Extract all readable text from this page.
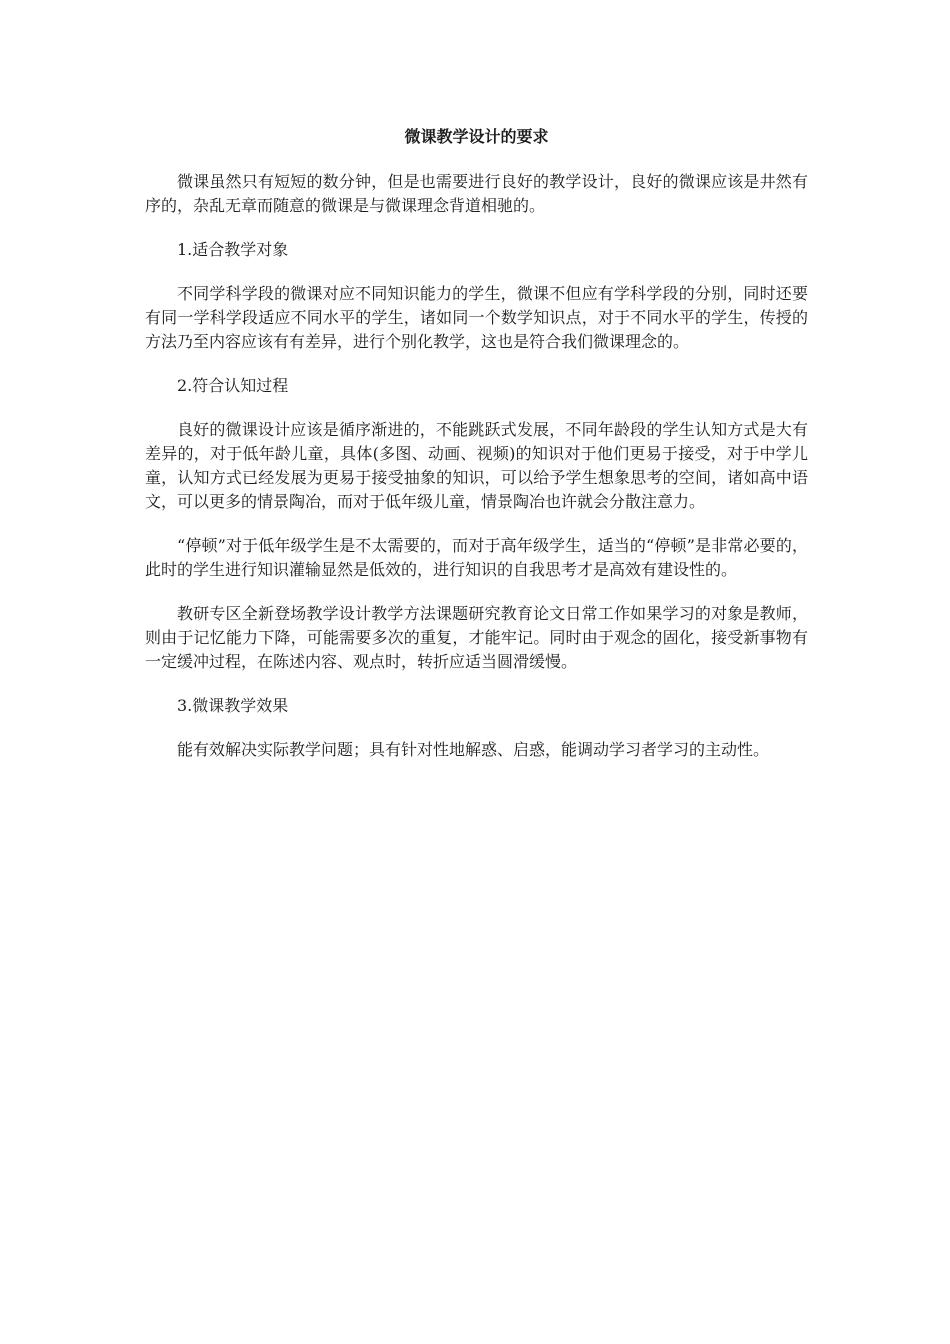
微课教学设计的要求

微课虽然只有短短的数分钟，但是也需要进行良好的教学设计，良好的微课应该是井然有序的，杂乱无章而随意的微课是与微课理念背道相驰的。

1.适合教学对象

不同学科学段的微课对应不同知识能力的学生，微课不但应有学科学段的分别，同时还要有同一学科学段适应不同水平的学生，诸如同一个数学知识点，对于不同水平的学生，传授的方法乃至内容应该有有差异，进行个别化教学，这也是符合我们微课理念的。

2.符合认知过程

良好的微课设计应该是循序渐进的，不能跳跃式发展，不同年龄段的学生认知方式是大有差异的，对于低年龄儿童，具体(多图、动画、视频)的知识对于他们更易于接受，对于中学儿童，认知方式已经发展为更易于接受抽象的知识，可以给予学生想象思考的空间，诸如高中语文，可以更多的情景陶冶，而对于低年级儿童，情景陶冶也许就会分散注意力。

“停顿”对于低年级学生是不太需要的，而对于高年级学生，适当的“停顿”是非常必要的，此时的学生进行知识灌输显然是低效的，进行知识的自我思考才是高效有建设性的。

教研专区全新登场教学设计教学方法课题研究教育论文日常工作如果学习的对象是教师，则由于记忆能力下降，可能需要多次的重复，才能牢记。同时由于观念的固化，接受新事物有一定缓冲过程，在陈述内容、观点时，转折应适当圆滑缓慢。

3.微课教学效果

能有效解决实际教学问题；具有针对性地解惑、启惑，能调动学习者学习的主动性。
